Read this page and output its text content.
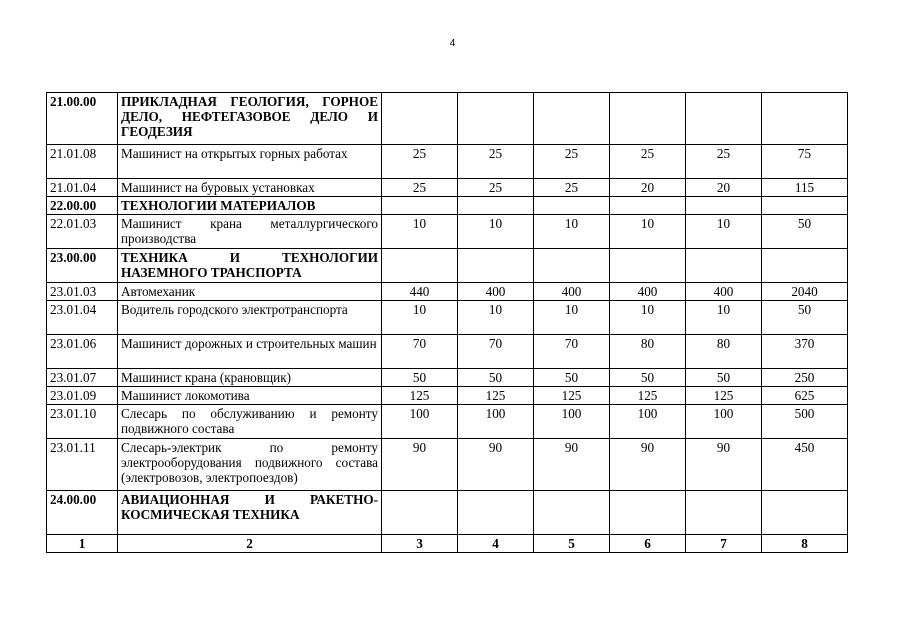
4
21.00.00	ПРИКЛАДНАЯ ГЕОЛОГИЯ, ГОРНОЕ ДЕЛО, НЕФТЕГАЗОВОЕ ДЕЛО И ГЕОДЕЗИЯ						
21.01.08	Машинист на открытых горных работах	25	25	25	25	25	75
21.01.04	Машинист на буровых установках	25	25	25	20	20	115
22.00.00	ТЕХНОЛОГИИ МАТЕРИАЛОВ						
22.01.03	Машинист крана металлургического производства	10	10	10	10	10	50
23.00.00	ТЕХНИКА И ТЕХНОЛОГИИ НАЗЕМНОГО ТРАНСПОРТА						
23.01.03	Автомеханик	440	400	400	400	400	2040
23.01.04	Водитель городского электротранспорта	10	10	10	10	10	50
23.01.06	Машинист дорожных и строительных машин	70	70	70	80	80	370
23.01.07	Машинист крана (крановщик)	50	50	50	50	50	250
23.01.09	Машинист локомотива	125	125	125	125	125	625
23.01.10	Слесарь по обслуживанию и ремонту подвижного состава	100	100	100	100	100	500
23.01.11	Слесарь-электрик по ремонту электрооборудования подвижного состава (электровозов, электропоездов)	90	90	90	90	90	450
24.00.00	АВИАЦИОННАЯ И РАКЕТНО-КОСМИЧЕСКАЯ ТЕХНИКА						
1	2	3	4	5	6	7	8
